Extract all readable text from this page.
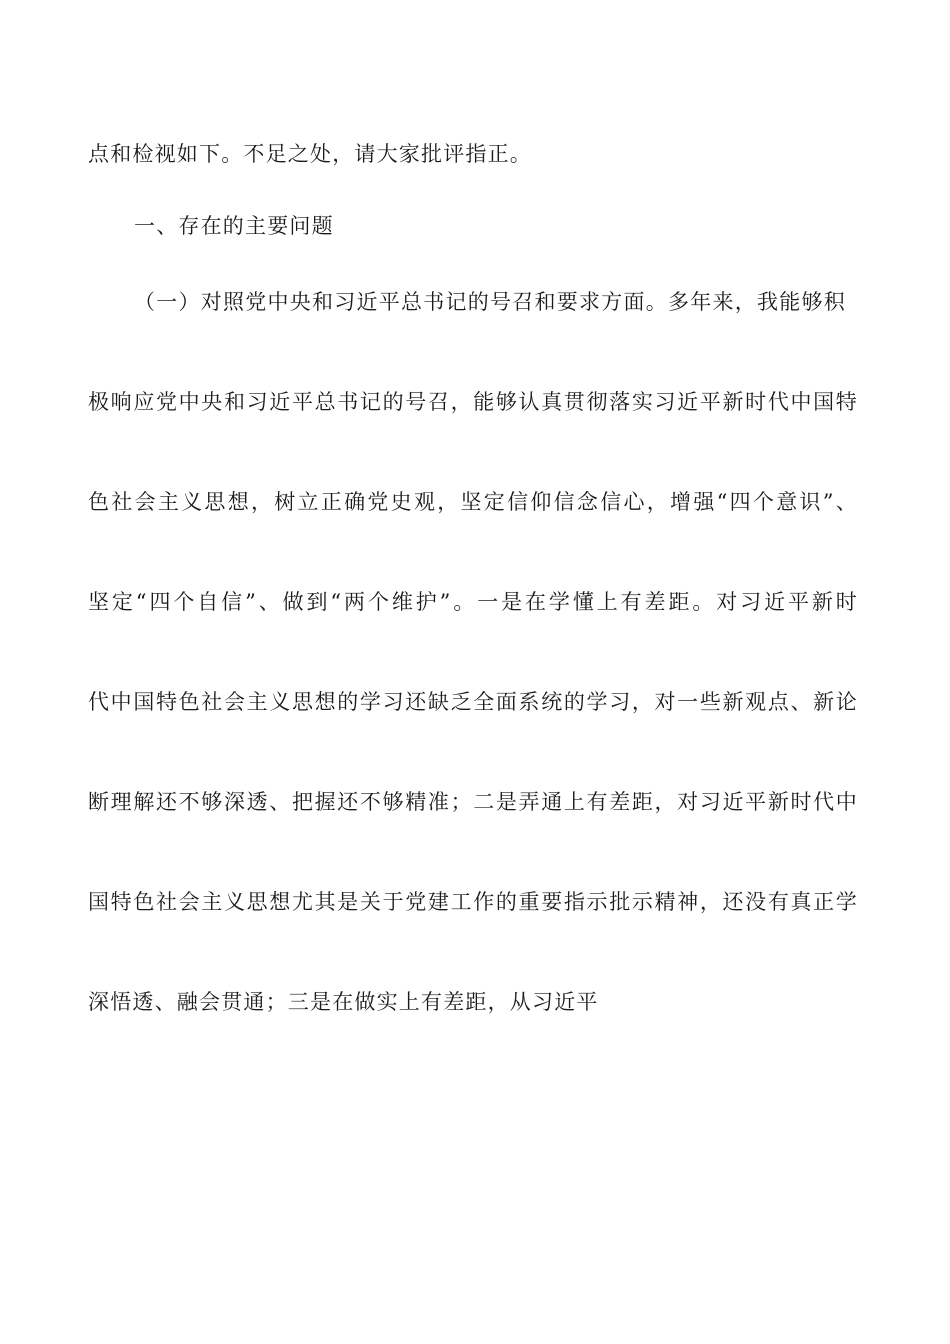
点和检视如下。不足之处，请大家批评指正。
一、存在的主要问题
（一）对照党中央和习近平总书记的号召和要求方面。多年来，我能够积
极响应党中央和习近平总书记的号召，能够认真贯彻落实习近平新时代中国特
色社会主义思想，树立正确党史观，坚定信仰信念信心，增强“四个意识”、
坚定“四个自信”、做到“两个维护”。一是在学懂上有差距。对习近平新时
代中国特色社会主义思想的学习还缺乏全面系统的学习，对一些新观点、新论
断理解还不够深透、把握还不够精准；二是弄通上有差距，对习近平新时代中
国特色社会主义思想尤其是关于党建工作的重要指示批示精神，还没有真正学
深悟透、融会贯通；三是在做实上有差距，从习近平
